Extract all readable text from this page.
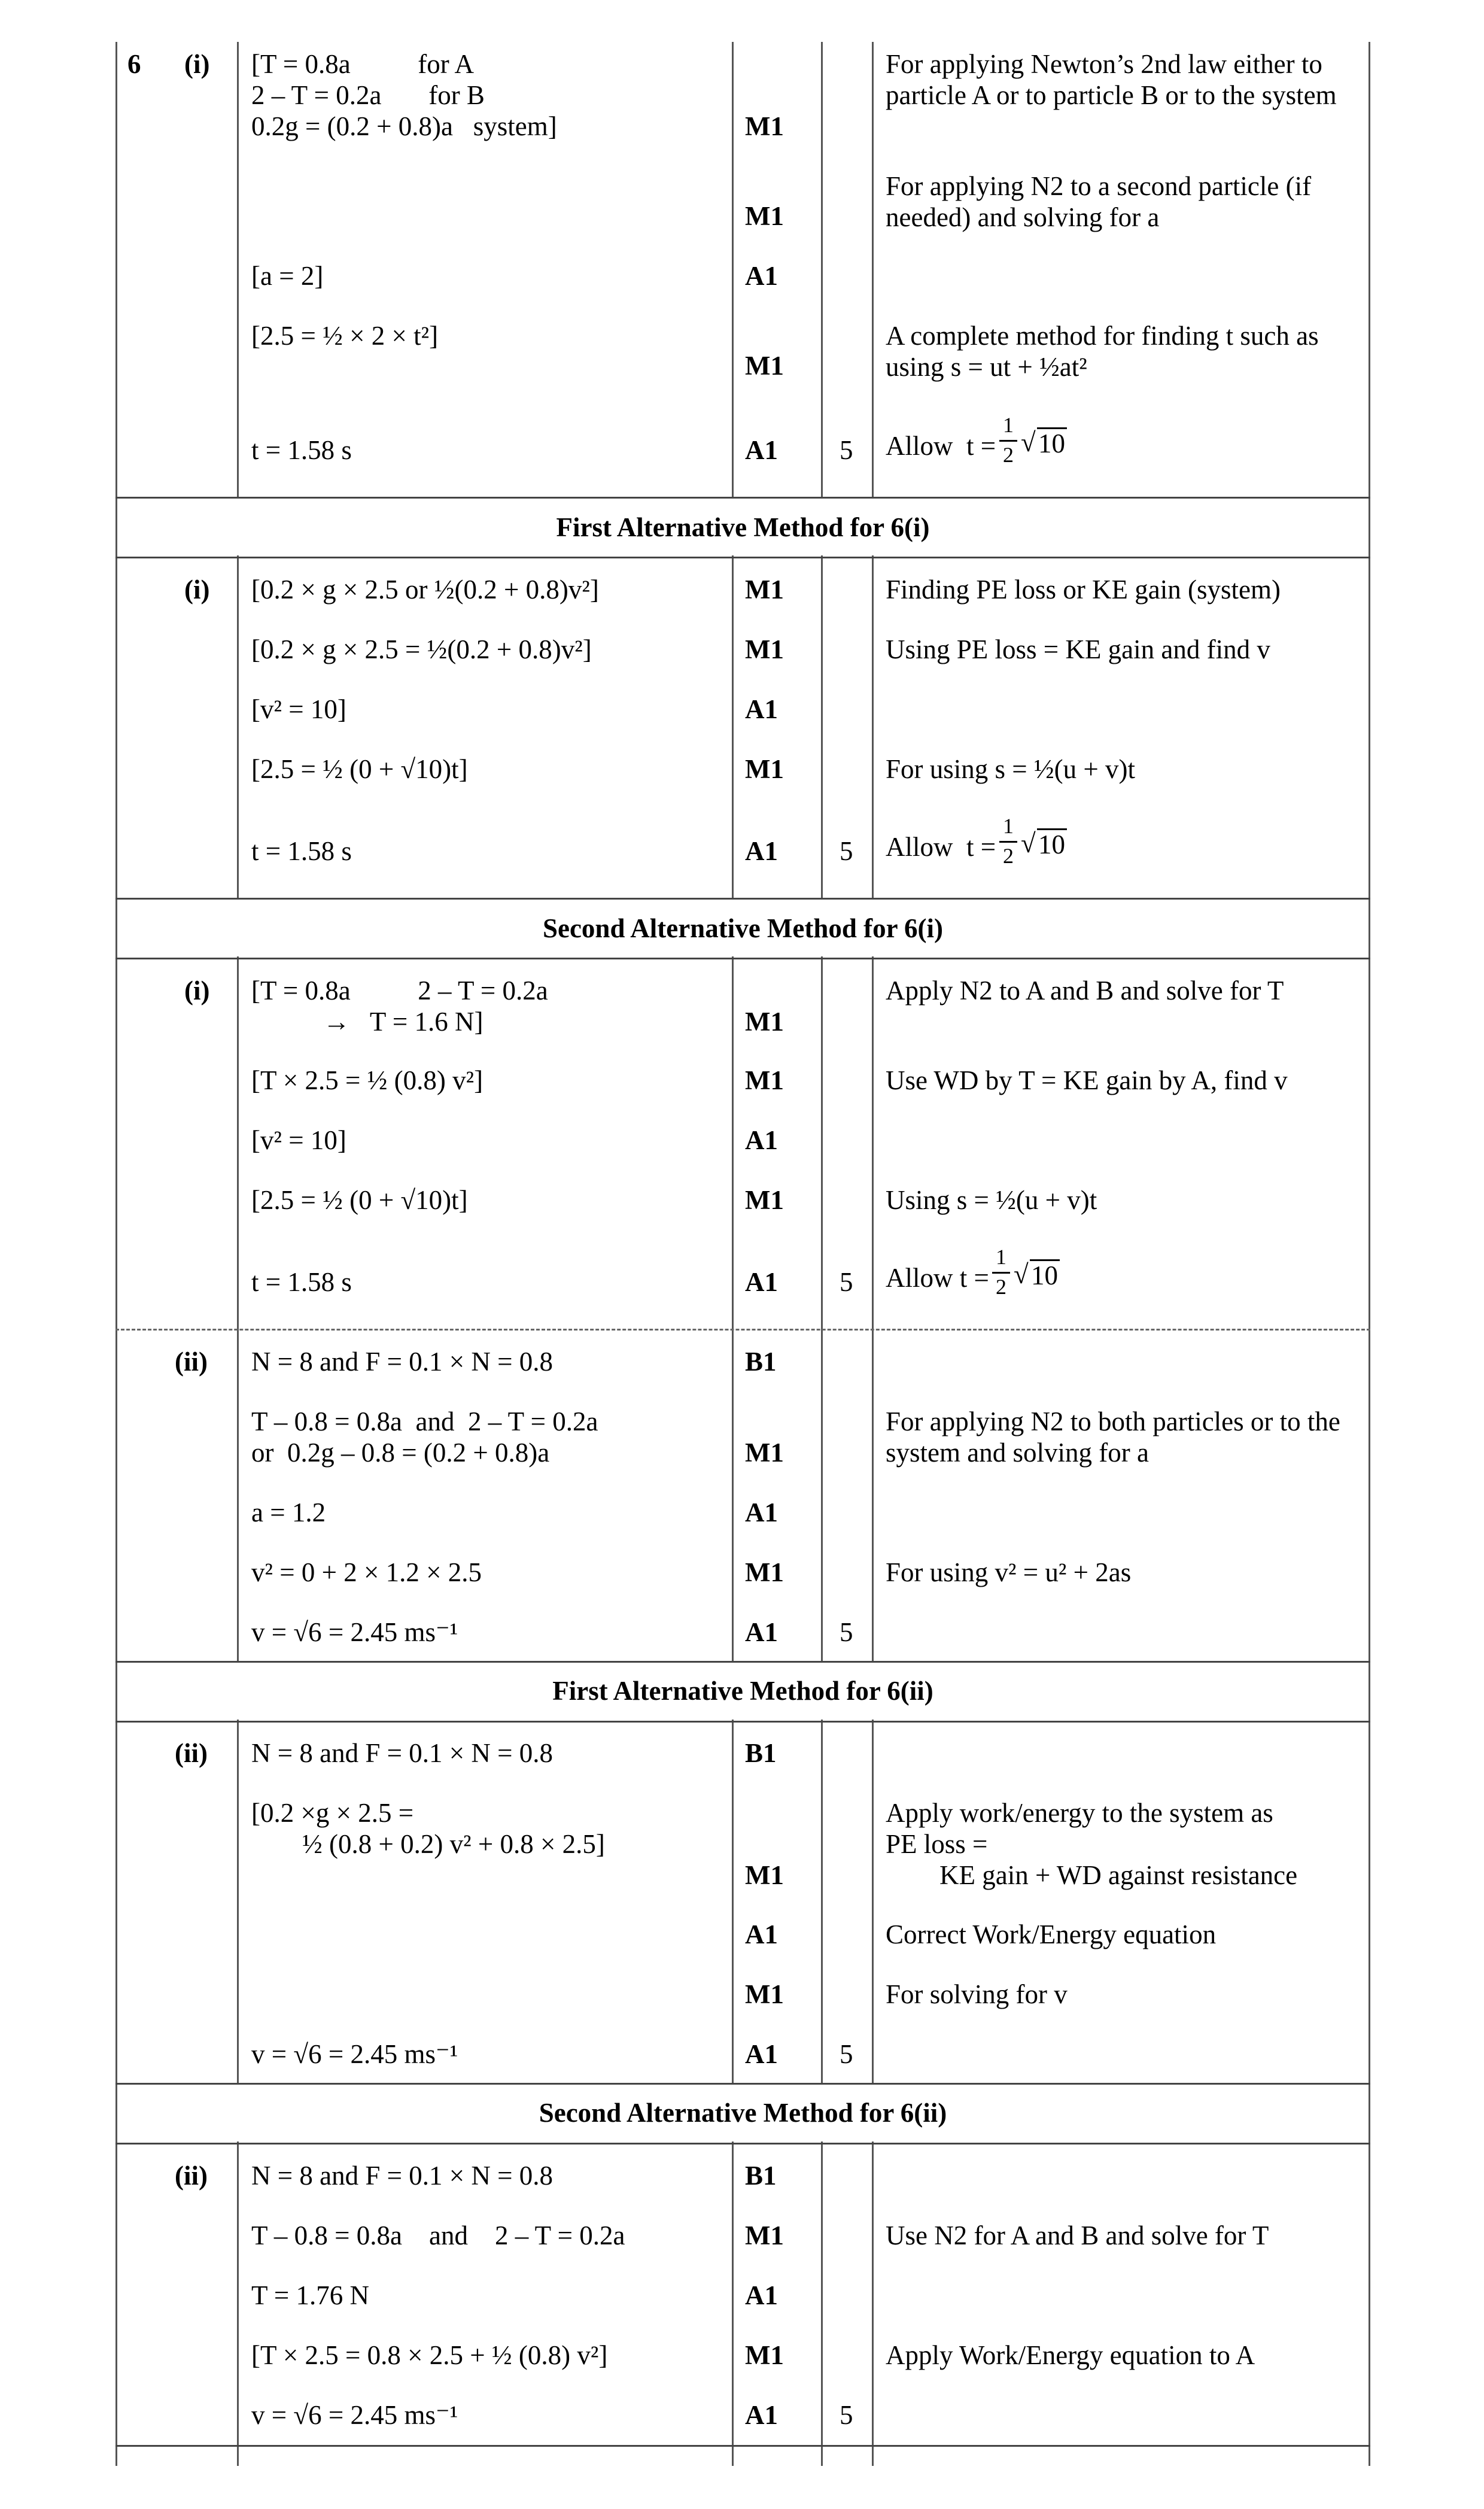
6 (i) [T = 0.8a          for A
2 – T = 0.2a       for B
0.2g = (0.2 + 0.8)a   system]
[a = 2]
[2.5 = ½ × 2 × t²]
t = 1.58 s
M1
M1
A1
M1
A1 5
For applying Newton’s 2nd law either to
particle A or to particle B or to the system
For applying N2 to a second particle (if
needed) and solving for a
A complete method for finding t such as
using s = ut + ½at²
Allow  t =
1
2 √ 10
First Alternative Method for 6(i)
(i) [0.2 × g × 2.5 or ½(0.2 + 0.8)v²]
[0.2 × g × 2.5 = ½(0.2 + 0.8)v²]
[v² = 10]
[2.5 = ½ (0 + √10)t]
t = 1.58 s
M1
M1
A1
M1
A1 5
Finding PE loss or KE gain (system)
Using PE loss = KE gain and find v
For using s = ½(u + v)t
Allow  t =
1
2 √ 10
Second Alternative Method for 6(i)
(i) [T = 0.8a          2 – T = 0.2a
→   T = 1.6 N]
[T × 2.5 = ½ (0.8) v²]
[v² = 10]
[2.5 = ½ (0 + √10)t]
t = 1.58 s
M1
M1
A1
M1
A1 5
Apply N2 to A and B and solve for T
Use WD by T = KE gain by A, find v
Using s = ½(u + v)t
Allow t =
1
2 √ 10
(ii) N = 8 and F = 0.1 × N = 0.8
T – 0.8 = 0.8a  and  2 – T = 0.2a
or  0.2g – 0.8 = (0.2 + 0.8)a
a = 1.2
v² = 0 + 2 × 1.2 × 2.5
v = √6 = 2.45 ms⁻¹
B1
M1
A1
M1
A1 5
For applying N2 to both particles or to the
system and solving for a
For using v² = u² + 2as
First Alternative Method for 6(ii)
(ii) N = 8 and F = 0.1 × N = 0.8
[0.2 ×g × 2.5 =
½ (0.8 + 0.2) v² + 0.8 × 2.5]
v = √6 = 2.45 ms⁻¹
B1
M1
A1
M1
A1 5
Apply work/energy to the system as
PE loss =
KE gain + WD against resistance
Correct Work/Energy equation
For solving for v
Second Alternative Method for 6(ii)
(ii) N = 8 and F = 0.1 × N = 0.8
T – 0.8 = 0.8a    and    2 – T = 0.2a
T = 1.76 N
[T × 2.5 = 0.8 × 2.5 + ½ (0.8) v²]
v = √6 = 2.45 ms⁻¹
B1
M1
A1
M1
A1 5
Use N2 for A and B and solve for T
Apply Work/Energy equation to A
